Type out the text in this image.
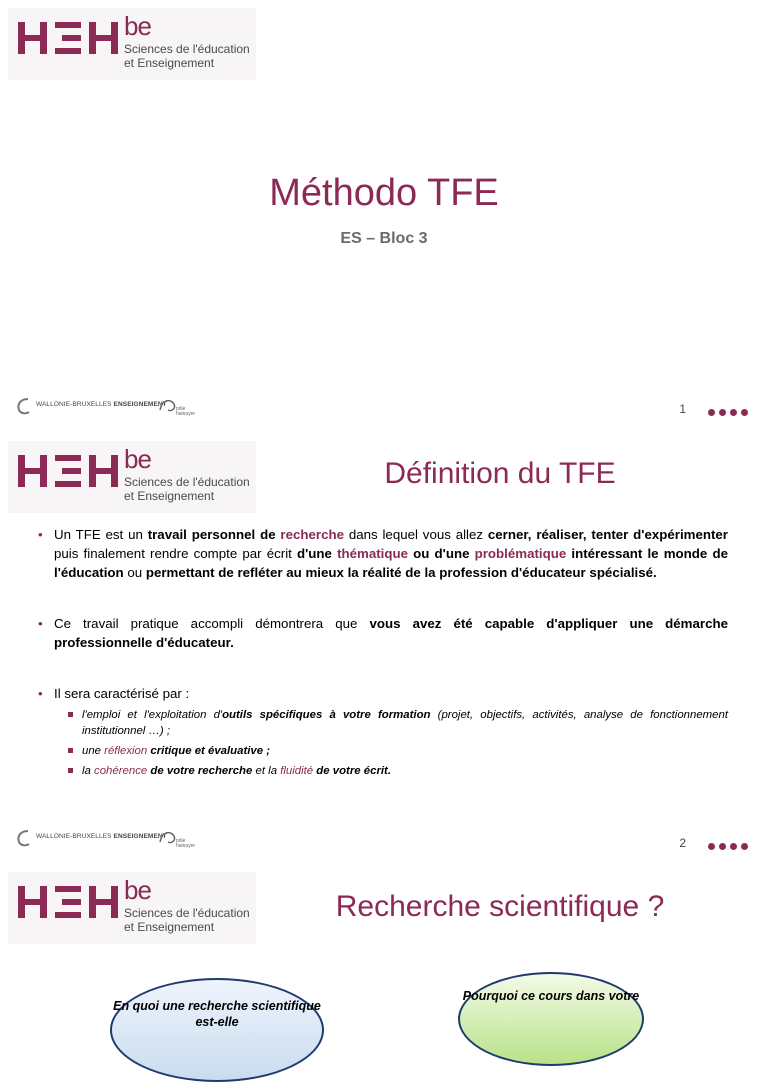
be
Sciences de l'éducation
et Enseignement
Méthodo TFE
ES – Bloc 3
WALLONIE-BRUXELLES ENSEIGNEMENT
pôle
hainuyer	1
be
Sciences de l'éducation
et Enseignement
Définition du TFE
• Un TFE est un travail personnel de recherche dans lequel vous allez cerner, réaliser, tenter d'expérimenter puis finalement rendre compte par écrit d'une thématique ou d'une problématique intéressant le monde de l'éducation ou permettant de refléter au mieux la réalité de la profession d'éducateur spécialisé.
• Ce travail pratique accompli démontrera que vous avez été capable d'appliquer une démarche professionnelle d'éducateur.
• Il sera caractérisé par :
l'emploi et l'exploitation d'outils spécifiques à votre formation (projet, objectifs, activités, analyse de fonctionnement institutionnel …) ;
une réflexion critique et évaluative ;
la cohérence de votre recherche et la fluidité de votre écrit.
WALLONIE-BRUXELLES ENSEIGNEMENT
pôle
hainuyer	2
be
Sciences de l'éducation
et Enseignement
Recherche scientifique ?
En quoi une recherche scientifique est-elle
Pourquoi ce cours dans votre
